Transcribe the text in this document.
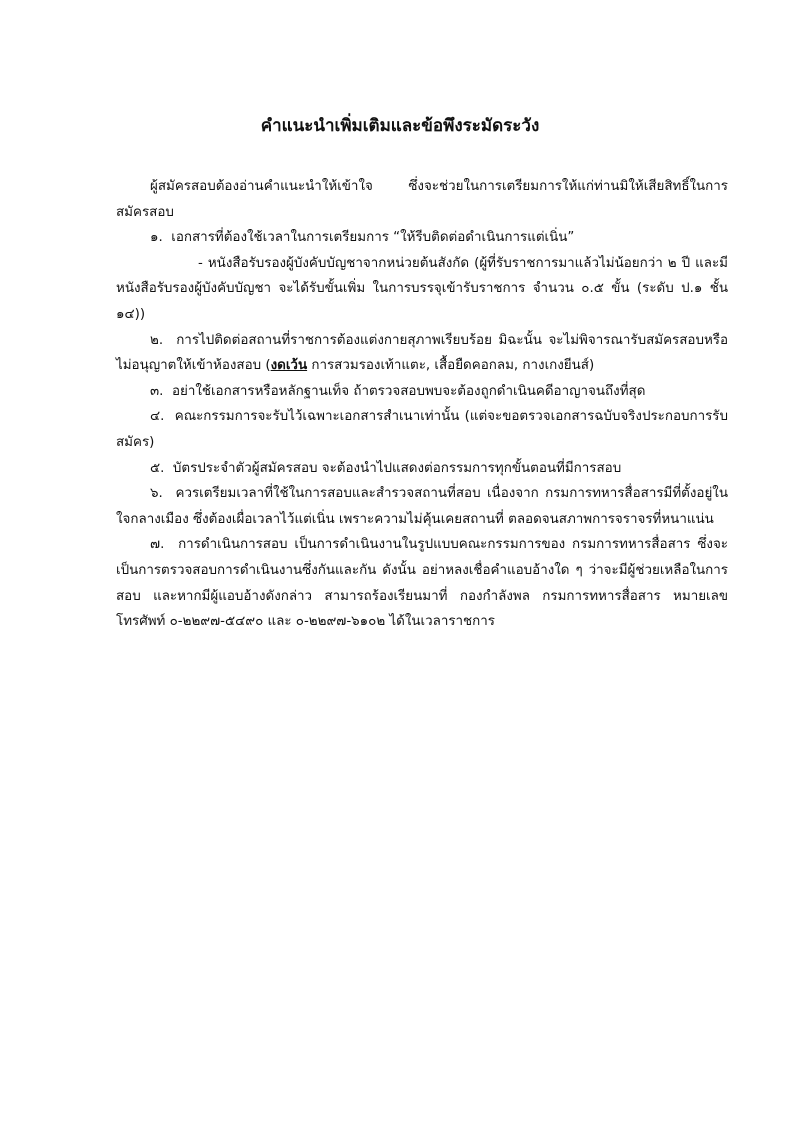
คำแนะนำเพิ่มเติมและข้อพึงระมัดระวัง

ผู้สมัครสอบต้องอ่านคำแนะนำให้เข้าใจ ซึ่งจะช่วยในการเตรียมการให้แก่ท่านมิให้เสียสิทธิ์ในการสมัครสอบ

๑. เอกสารที่ต้องใช้เวลาในการเตรียมการ “ให้รีบติดต่อดำเนินการแต่เนิ่น”

- หนังสือรับรองผู้บังคับบัญชาจากหน่วยต้นสังกัด (ผู้ที่รับราชการมาแล้วไม่น้อยกว่า ๒ ปี และมีหนังสือรับรองผู้บังคับบัญชา จะได้รับขั้นเพิ่ม ในการบรรจุเข้ารับราชการ จำนวน ๐.๕ ขั้น (ระดับ ป.๑ ชั้น ๑๔))

๒. การไปติดต่อสถานที่ราชการต้องแต่งกายสุภาพเรียบร้อย มิฉะนั้น จะไม่พิจารณารับสมัครสอบหรือไม่อนุญาตให้เข้าห้องสอบ (งดเว้น การสวมรองเท้าแตะ, เสื้อยืดคอกลม, กางเกงยีนส์)

๓. อย่าใช้เอกสารหรือหลักฐานเท็จ ถ้าตรวจสอบพบจะต้องถูกดำเนินคดีอาญาจนถึงที่สุด

๔. คณะกรรมการจะรับไว้เฉพาะเอกสารสำเนาเท่านั้น (แต่จะขอตรวจเอกสารฉบับจริงประกอบการรับสมัคร)

๕. บัตรประจำตัวผู้สมัครสอบ จะต้องนำไปแสดงต่อกรรมการทุกขั้นตอนที่มีการสอบ

๖. ควรเตรียมเวลาที่ใช้ในการสอบและสำรวจสถานที่สอบ เนื่องจาก กรมการทหารสื่อสารมีที่ตั้งอยู่ในใจกลางเมือง ซึ่งต้องเผื่อเวลาไว้แต่เนิ่น เพราะความไม่คุ้นเคยสถานที่ ตลอดจนสภาพการจราจรที่หนาแน่น

๗. การดำเนินการสอบ เป็นการดำเนินงานในรูปแบบคณะกรรมการของ กรมการทหารสื่อสาร ซึ่งจะเป็นการตรวจสอบการดำเนินงานซึ่งกันและกัน ดังนั้น อย่าหลงเชื่อคำแอบอ้างใด ๆ ว่าจะมีผู้ช่วยเหลือในการสอบ และหากมีผู้แอบอ้างดังกล่าว สามารถร้องเรียนมาที่ กองกำลังพล กรมการทหารสื่อสาร หมายเลขโทรศัพท์ ๐-๒๒๙๗-๕๔๙๐ และ ๐-๒๒๙๗-๖๑๐๒ ได้ในเวลาราชการ
